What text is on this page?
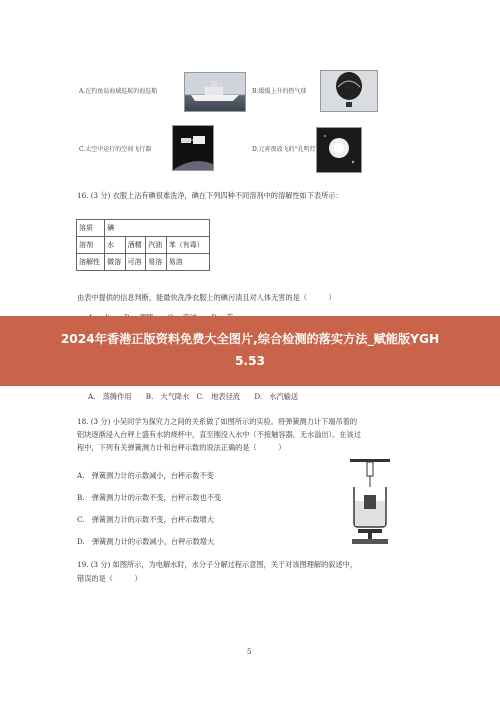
A.在钓鱼岛海域巡航的海巡船	B.缓缓上升的热气球
C.太空中运行的空间飞行器	D.元宵夜放飞的“孔明灯”
16. (3 分) 衣服上沾有碘很难洗净，碘在下列四种不同溶剂中的溶解性如下表所示：
溶质	碘			
溶剂	水	酒精	汽油	苯（有毒）
溶解性	微溶	可溶	易溶	易溶
由表中提供的信息判断，能最快洗净衣服上的碘污渍且对人体无害的是（　　　）
2024年香港正版资料免费大全图片,综合检测的落实方法_赋能版YGH
5.53
A.　蒸腾作用　　B.　大气降水　C.　地表径流　　D.　水汽输送
18. (3 分) 小吴同学为探究力之间的关系做了如图所示的实验。将弹簧测力计下端吊着的
铝块逐渐浸入台秤上盛有水的烧杯中，直至刚没入水中（不接触容器，无水溢出）。在该过
程中，下列有关弹簧测力计和台秤示数的说法正确的是（　　　）
A.　弹簧测力计的示数减小，台秤示数不变
B.　弹簧测力计的示数不变，台秤示数也不变
C.　弹簧测力计的示数不变，台秤示数增大
D.　弹簧测力计的示数减小，台秤示数增大
19. (3 分) 如图所示，为电解水时，水分子分解过程示意图，关于对该图理解的叙述中，
错误的是（　　　）
5
